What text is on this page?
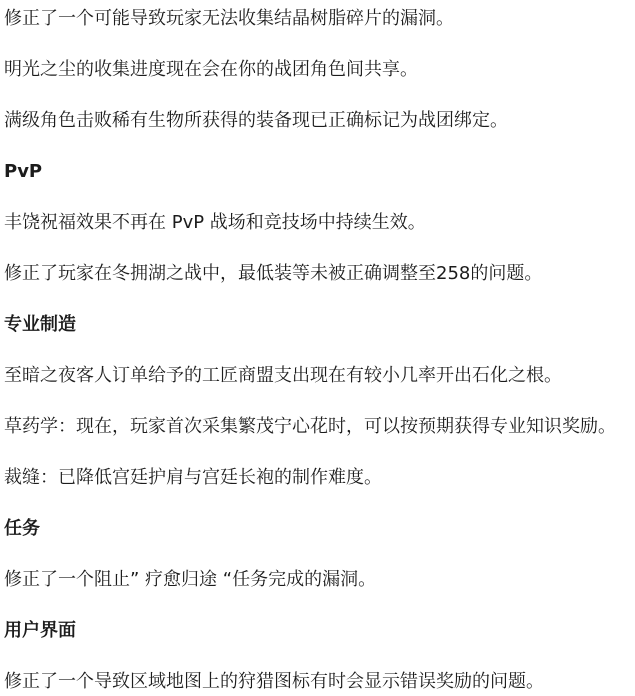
修正了一个可能导致玩家无法收集结晶树脂碎片的漏洞。

明光之尘的收集进度现在会在你的战团角色间共享。

满级角色击败稀有生物所获得的装备现已正确标记为战团绑定。

PvP

丰饶祝福效果不再在 PvP 战场和竞技场中持续生效。

修正了玩家在冬拥湖之战中，最低装等未被正确调整至258的问题。

专业制造

至暗之夜客人订单给予的工匠商盟支出现在有较小几率开出石化之根。

草药学：现在，玩家首次采集繁茂宁心花时，可以按预期获得专业知识奖励。

裁缝：已降低宫廷护肩与宫廷长袍的制作难度。

任务

修正了一个阻止” 疗愈归途 “任务完成的漏洞。

用户界面

修正了一个导致区域地图上的狩猎图标有时会显示错误奖励的问题。
